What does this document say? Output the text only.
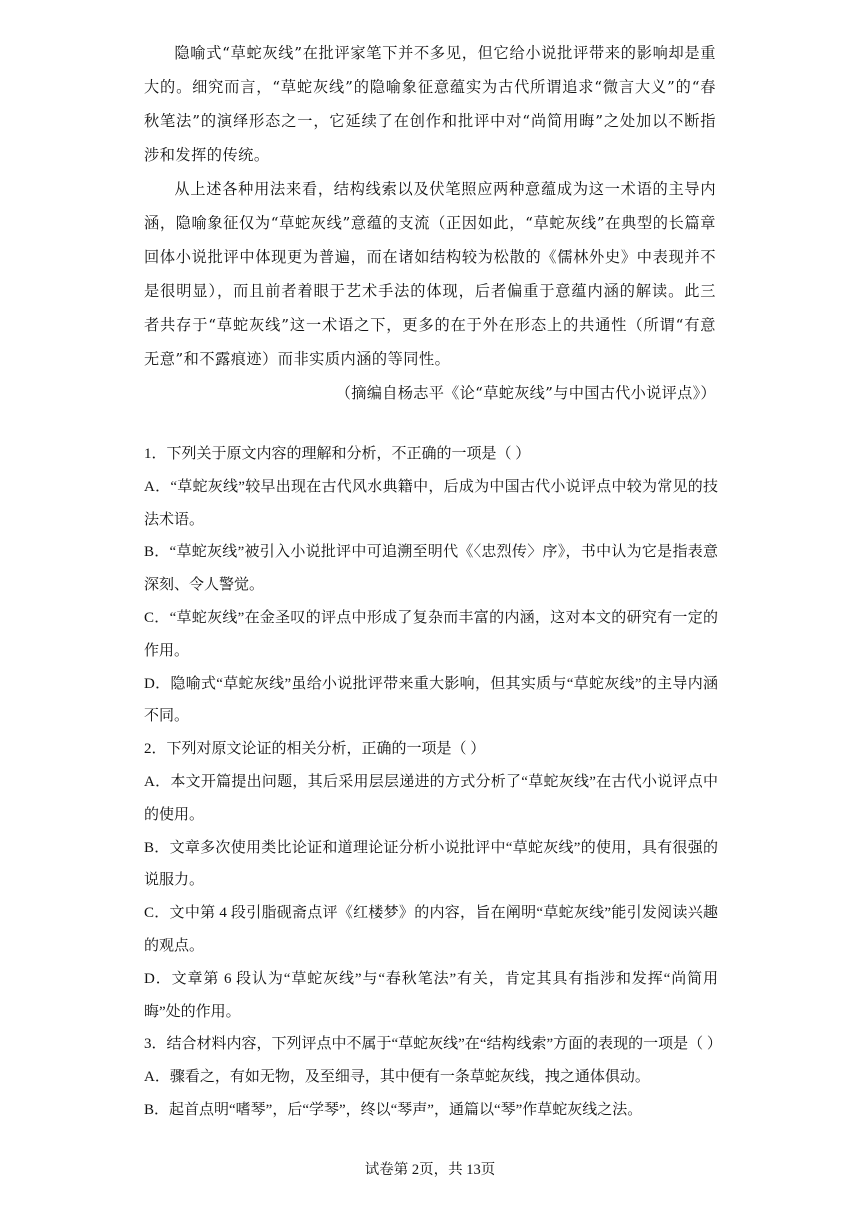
隐喻式“草蛇灰线”在批评家笔下并不多见，但它给小说批评带来的影响却是重大的。细究而言，“草蛇灰线”的隐喻象征意蕴实为古代所谓追求“微言大义”的“春秋笔法”的演绎形态之一，它延续了在创作和批评中对“尚简用晦”之处加以不断指涉和发挥的传统。

从上述各种用法来看，结构线索以及伏笔照应两种意蕴成为这一术语的主导内涵，隐喻象征仅为“草蛇灰线”意蕴的支流（正因如此，“草蛇灰线”在典型的长篇章回体小说批评中体现更为普遍，而在诸如结构较为松散的《儒林外史》中表现并不是很明显），而且前者着眼于艺术手法的体现，后者偏重于意蕴内涵的解读。此三者共存于“草蛇灰线”这一术语之下，更多的在于外在形态上的共通性（所谓“有意无意”和不露痕迹）而非实质内涵的等同性。

（摘编自杨志平《论“草蛇灰线”与中国古代小说评点》）

1．下列关于原文内容的理解和分析，不正确的一项是（ ）

A．“草蛇灰线”较早出现在古代风水典籍中，后成为中国古代小说评点中较为常见的技法术语。

B．“草蛇灰线”被引入小说批评中可追溯至明代《〈忠烈传〉序》，书中认为它是指表意深刻、令人警觉。

C．“草蛇灰线”在金圣叹的评点中形成了复杂而丰富的内涵，这对本文的研究有一定的作用。

D．隐喻式“草蛇灰线”虽给小说批评带来重大影响，但其实质与“草蛇灰线”的主导内涵不同。

2．下列对原文论证的相关分析，正确的一项是（ ）

A．本文开篇提出问题，其后采用层层递进的方式分析了“草蛇灰线”在古代小说评点中的使用。

B．文章多次使用类比论证和道理论证分析小说批评中“草蛇灰线”的使用，具有很强的说服力。

C．文中第 4 段引脂砚斋点评《红楼梦》的内容，旨在阐明“草蛇灰线”能引发阅读兴趣的观点。

D．文章第 6 段认为“草蛇灰线”与“春秋笔法”有关，肯定其具有指涉和发挥“尚简用晦”处的作用。

3．结合材料内容，下列评点中不属于“草蛇灰线”在“结构线索”方面的表现的一项是（ ）

A．骤看之，有如无物，及至细寻，其中便有一条草蛇灰线，拽之通体俱动。

B．起首点明“嗜琴”，后“学琴”，终以“琴声”，通篇以“琴”作草蛇灰线之法。

试卷第 2页，共 13页
